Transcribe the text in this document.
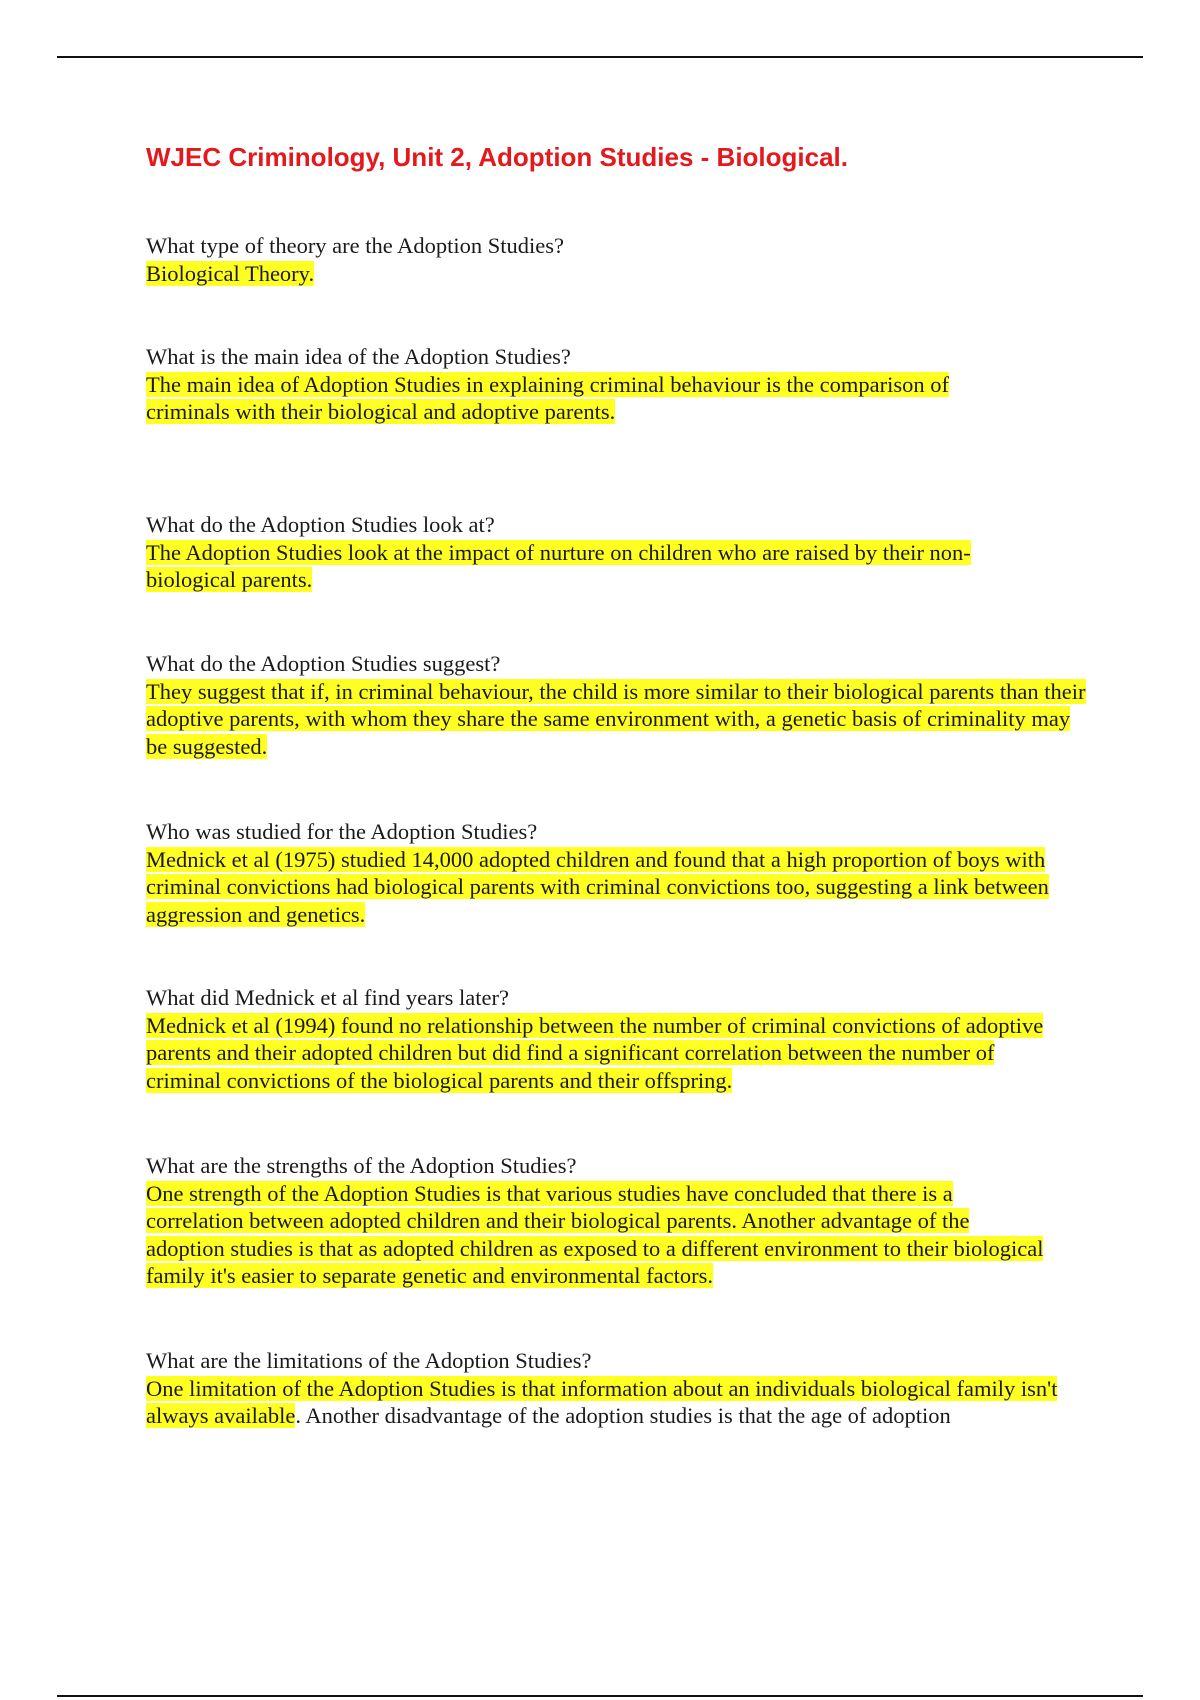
WJEC Criminology, Unit 2, Adoption Studies - Biological.

What type of theory are the Adoption Studies?

Biological Theory.

What is the main idea of the Adoption Studies?

The main idea of Adoption Studies in explaining criminal behaviour is the comparison of criminals with their biological and adoptive parents.

What do the Adoption Studies look at?

The Adoption Studies look at the impact of nurture on children who are raised by their non-biological parents.

What do the Adoption Studies suggest?

They suggest that if, in criminal behaviour, the child is more similar to their biological parents than their adoptive parents, with whom they share the same environment with, a genetic basis of criminality may be suggested.

Who was studied for the Adoption Studies?

Mednick et al (1975) studied 14,000 adopted children and found that a high proportion of boys with criminal convictions had biological parents with criminal convictions too, suggesting a link between aggression and genetics.

What did Mednick et al find years later?

Mednick et al (1994) found no relationship between the number of criminal convictions of adoptive parents and their adopted children but did find a significant correlation between the number of criminal convictions of the biological parents and their offspring.

What are the strengths of the Adoption Studies?

One strength of the Adoption Studies is that various studies have concluded that there is a correlation between adopted children and their biological parents. Another advantage of the adoption studies is that as adopted children as exposed to a different environment to their biological family it's easier to separate genetic and environmental factors.

What are the limitations of the Adoption Studies?

One limitation of the Adoption Studies is that information about an individuals biological family isn't always available. Another disadvantage of the adoption studies is that the age of adoption
